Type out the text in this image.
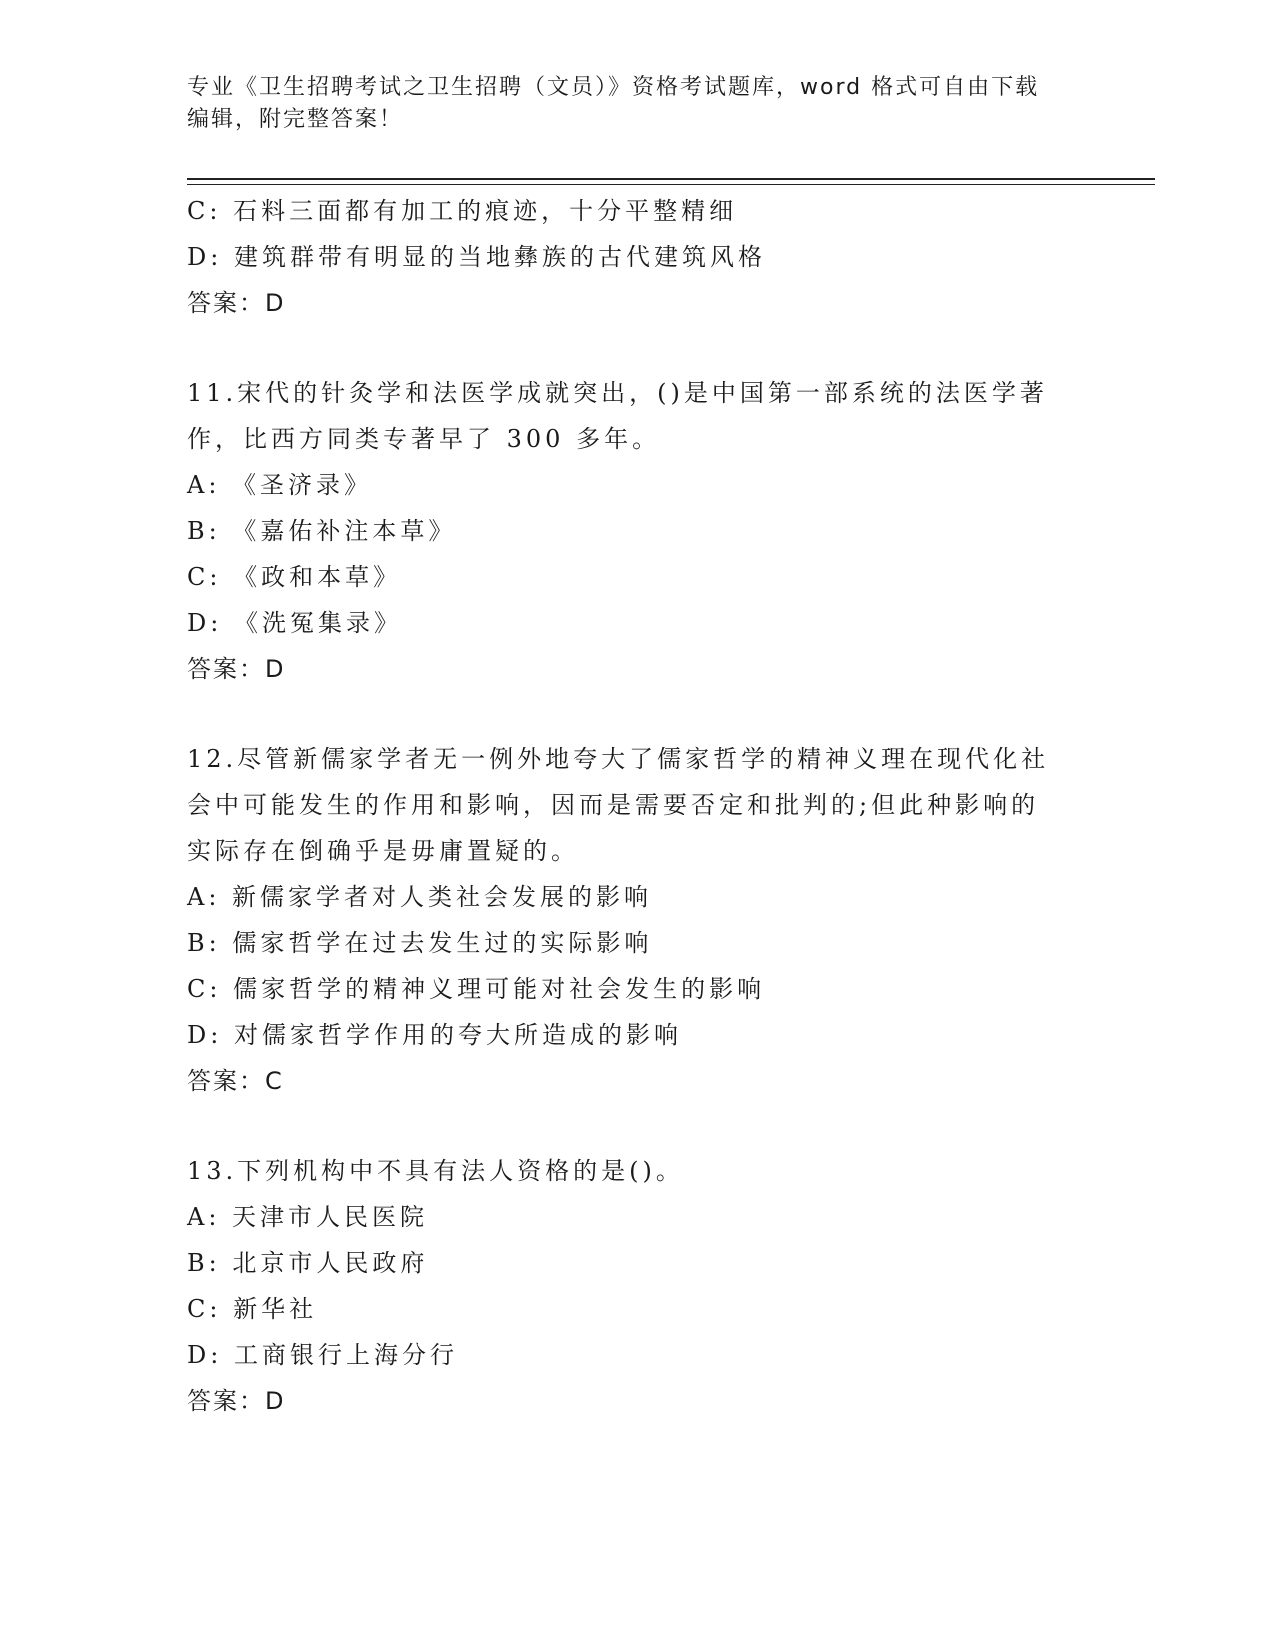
专业《卫生招聘考试之卫生招聘（文员）》资格考试题库，word 格式可自由下载
编辑，附完整答案！
C: 石料三面都有加工的痕迹，十分平整精细
D: 建筑群带有明显的当地彝族的古代建筑风格
答案：D
11.宋代的针灸学和法医学成就突出，()是中国第一部系统的法医学著
作，比西方同类专著早了 300 多年。
A: 《圣济录》
B: 《嘉佑补注本草》
C: 《政和本草》
D: 《洗冤集录》
答案：D
12.尽管新儒家学者无一例外地夸大了儒家哲学的精神义理在现代化社
会中可能发生的作用和影响，因而是需要否定和批判的;但此种影响的
实际存在倒确乎是毋庸置疑的。
A: 新儒家学者对人类社会发展的影响
B: 儒家哲学在过去发生过的实际影响
C: 儒家哲学的精神义理可能对社会发生的影响
D: 对儒家哲学作用的夸大所造成的影响
答案：C
13.下列机构中不具有法人资格的是()。
A: 天津市人民医院
B: 北京市人民政府
C: 新华社
D: 工商银行上海分行
答案：D
